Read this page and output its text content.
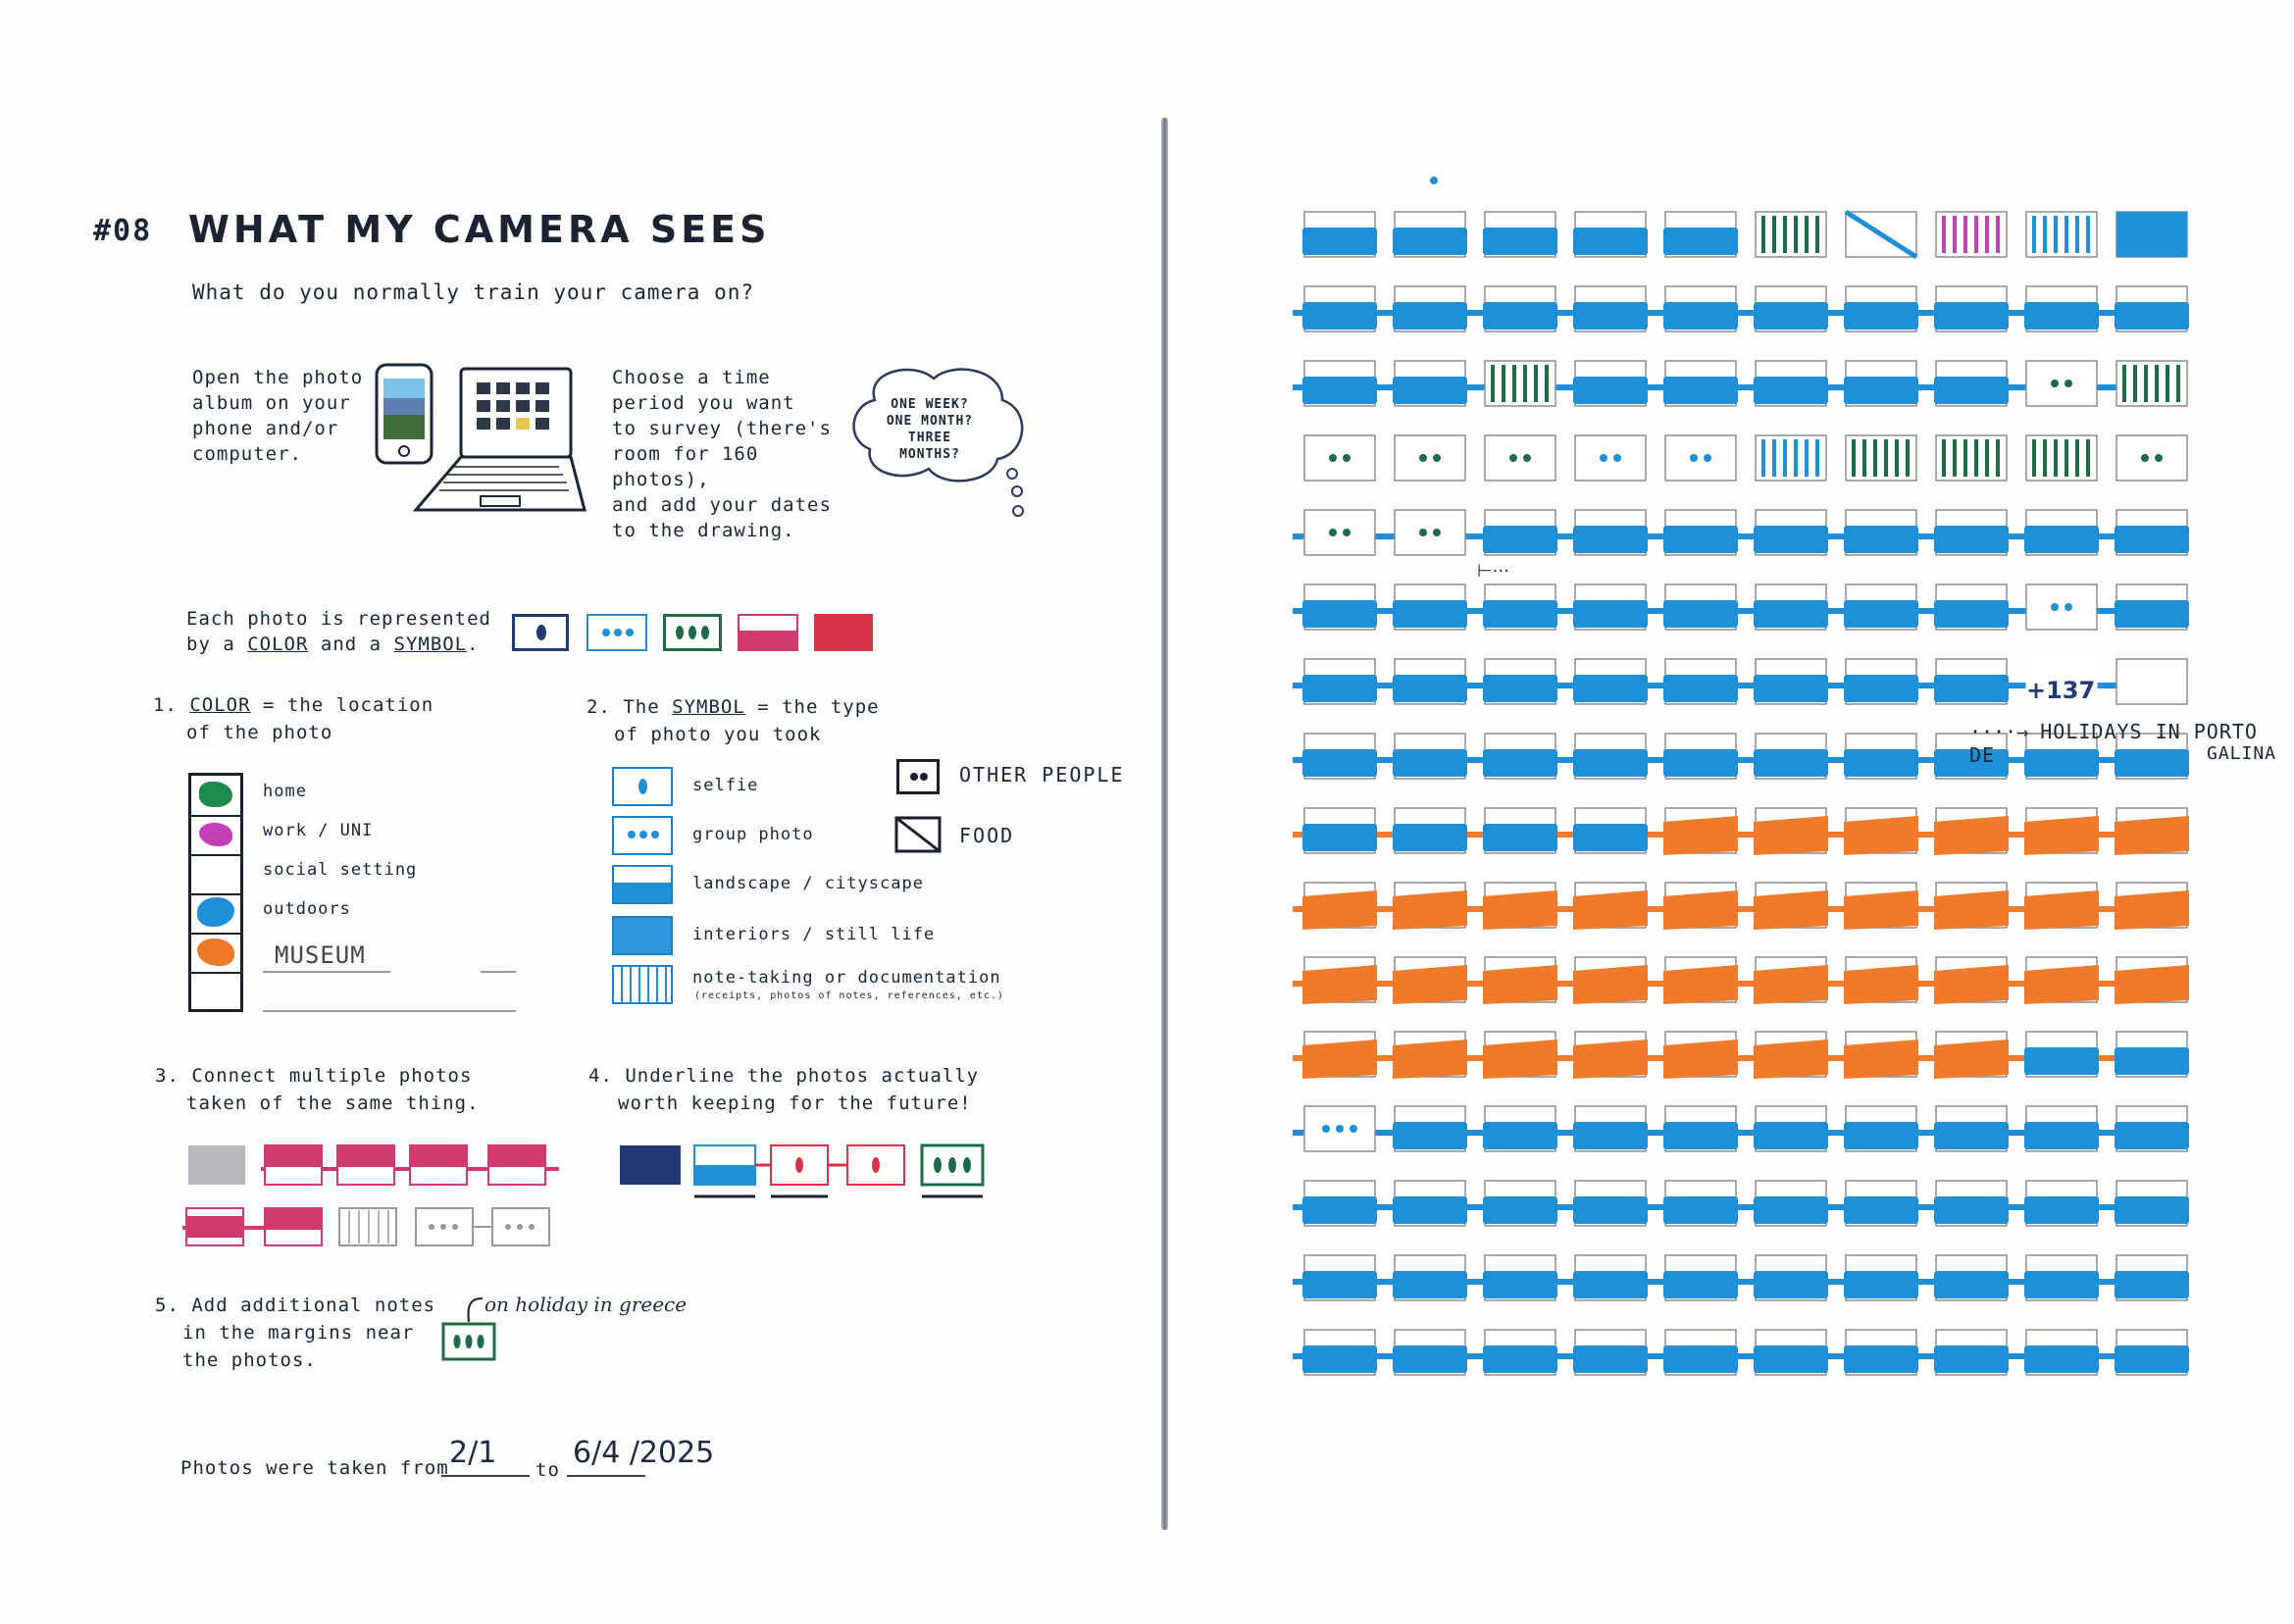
#08 WHAT MY CAMERA SEES
What do you normally train your camera on?
Open the photo
album on your
phone and/or
computer.
Choose a time
period you want
to survey (there's
room for 160 photos),
and add your dates
to the drawing.
ONE WEEK?
ONE MONTH?
THREE
MONTHS?
Each photo is represented
by a COLOR and a SYMBOL.
1. COLOR = the location
of the photo
home
work / UNI
social setting
outdoors
MUSEUM
2. The SYMBOL = the type
of photo you took
selfie
group photo
landscape / cityscape
interiors / still life
note-taking or documentation
(receipts, photos of notes, references, etc.)
OTHER PEOPLE
FOOD
3. Connect multiple photos
taken of the same thing.
4. Underline the photos actually
worth keeping for the future!
5. Add additional notes
in the margins near
the photos.
on holiday in greece
Photos were taken from 2/1 to 6/4 /2025
+137
····→ HOLIDAYS IN PORTO DE	GALINA
⊢···
